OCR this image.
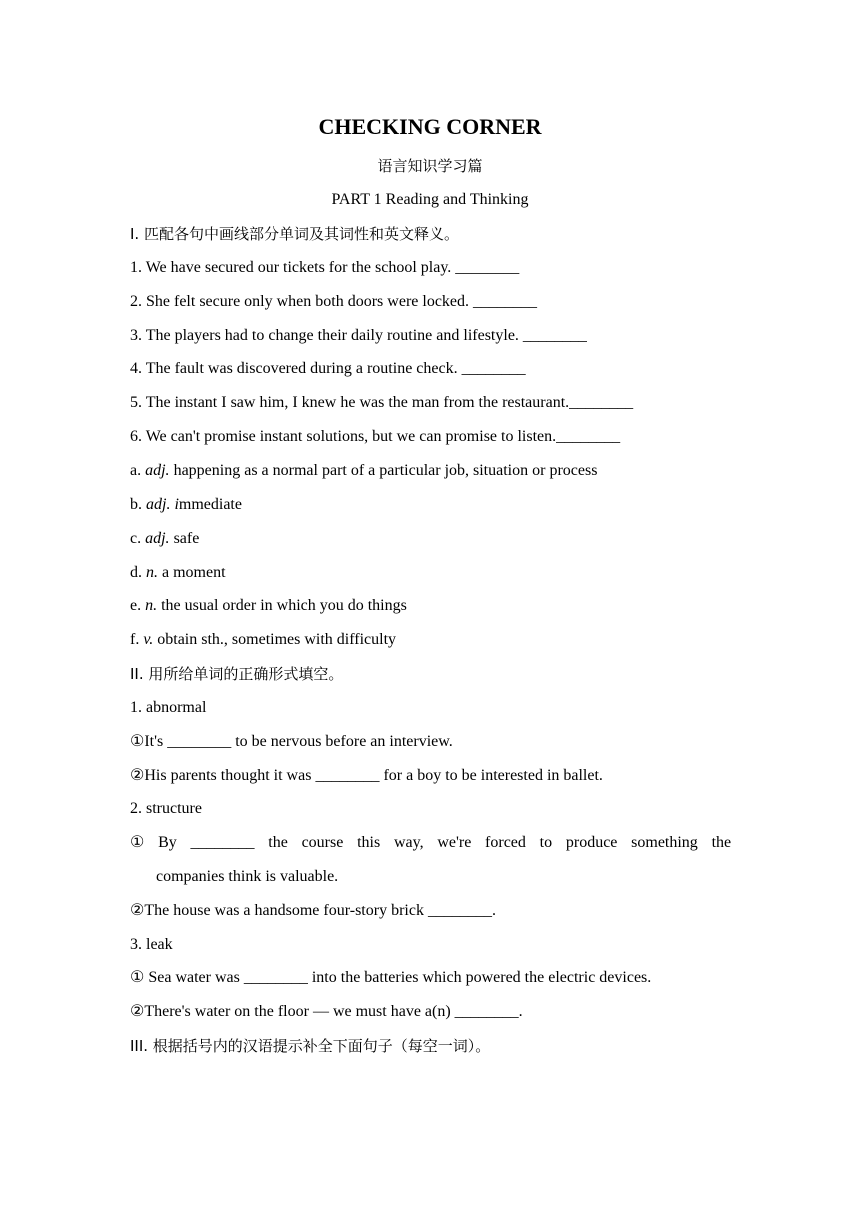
CHECKING CORNER
语言知识学习篇
PART 1 Reading and Thinking
I. 匹配各句中画线部分单词及其词性和英文释义。
1. We have secured our tickets for the school play. ________
2. She felt secure only when both doors were locked. ________
3. The players had to change their daily routine and lifestyle. ________
4. The fault was discovered during a routine check. ________
5. The instant I saw him, I knew he was the man from the restaurant.________
6. We can't promise instant solutions, but we can promise to listen.________
a. adj. happening as a normal part of a particular job, situation or process
b. adj. immediate
c. adj. safe
d. n. a moment
e. n. the usual order in which you do things
f. v. obtain sth., sometimes with difficulty
II. 用所给单词的正确形式填空。
1. abnormal
①It's ________ to be nervous before an interview.
②His parents thought it was ________ for a boy to be interested in ballet.
2. structure
① By ________ the course this way, we're forced to produce something the
companies think is valuable.
②The house was a handsome four-story brick ________.
3. leak
① Sea water was ________ into the batteries which powered the electric devices.
②There's water on the floor — we must have a(n) ________.
III. 根据括号内的汉语提示补全下面句子（每空一词）。
